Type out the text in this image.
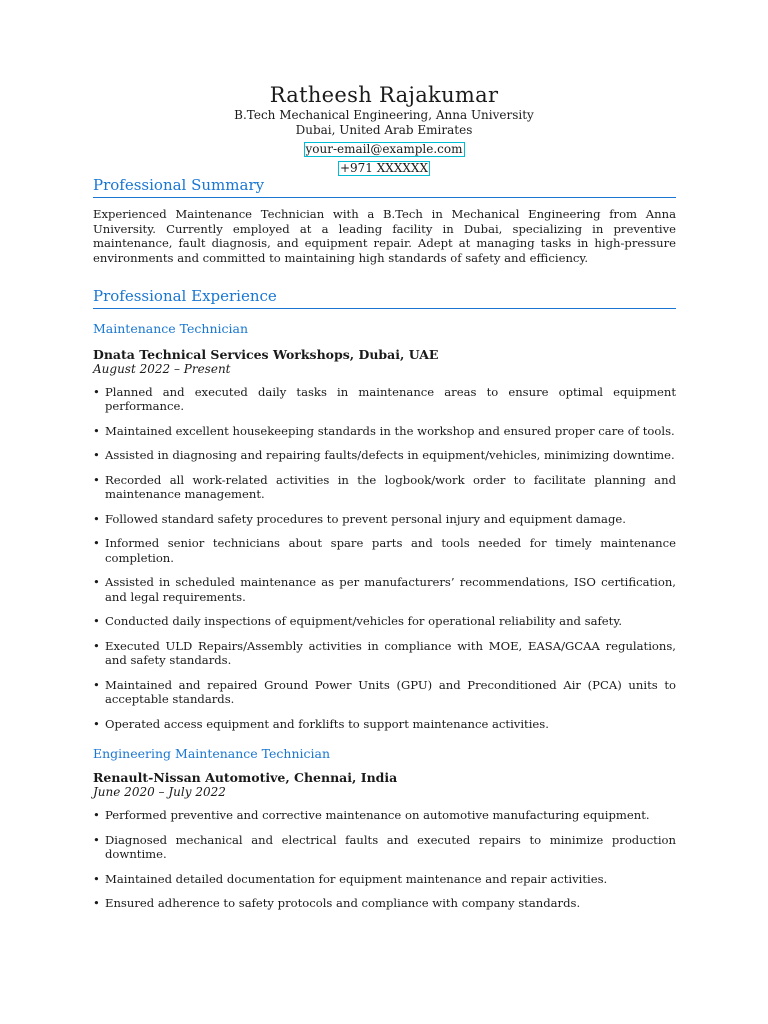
Ratheesh Rajakumar
B.Tech Mechanical Engineering, Anna University
Dubai, United Arab Emirates
your-email@example.com
+971 XXXXXX
Professional Summary
Experienced Maintenance Technician with a B.Tech in Mechanical Engineering from Anna University. Currently employed at a leading facility in Dubai, specializing in preventive maintenance, fault diagnosis, and equipment repair. Adept at managing tasks in high-pressure environments and committed to maintaining high standards of safety and efficiency.
Professional Experience
Maintenance Technician
Dnata Technical Services Workshops, Dubai, UAE
August 2022 – Present
• Planned and executed daily tasks in maintenance areas to ensure optimal equipment performance.
• Maintained excellent housekeeping standards in the workshop and ensured proper care of tools.
• Assisted in diagnosing and repairing faults/defects in equipment/vehicles, minimizing downtime.
• Recorded all work-related activities in the logbook/work order to facilitate planning and maintenance management.
• Followed standard safety procedures to prevent personal injury and equipment damage.
• Informed senior technicians about spare parts and tools needed for timely maintenance completion.
• Assisted in scheduled maintenance as per manufacturers’ recommendations, ISO certification, and legal requirements.
• Conducted daily inspections of equipment/vehicles for operational reliability and safety.
• Executed ULD Repairs/Assembly activities in compliance with MOE, EASA/GCAA regulations, and safety standards.
• Maintained and repaired Ground Power Units (GPU) and Preconditioned Air (PCA) units to acceptable standards.
• Operated access equipment and forklifts to support maintenance activities.
Engineering Maintenance Technician
Renault-Nissan Automotive, Chennai, India
June 2020 – July 2022
• Performed preventive and corrective maintenance on automotive manufacturing equipment.
• Diagnosed mechanical and electrical faults and executed repairs to minimize production downtime.
• Maintained detailed documentation for equipment maintenance and repair activities.
• Ensured adherence to safety protocols and compliance with company standards.
